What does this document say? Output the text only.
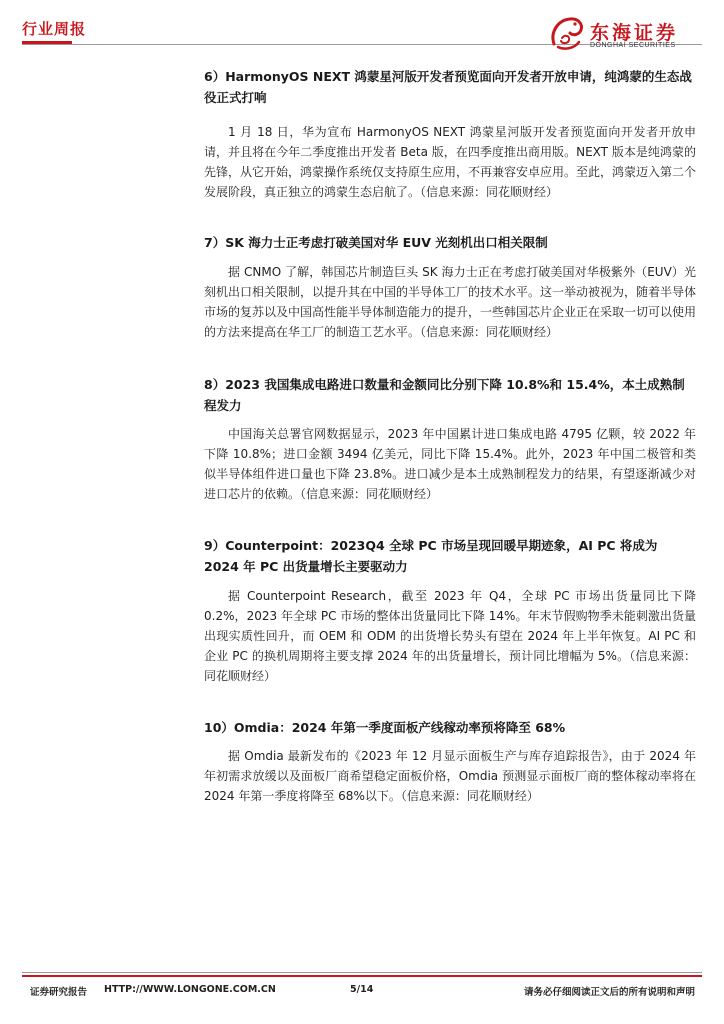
行业周报	东海证券
DONGHAI SECURITIES

6）HarmonyOS NEXT 鸿蒙星河版开发者预览面向开发者开放申请，纯鸿蒙的生态战役正式打响

1 月 18 日，华为宣布 HarmonyOS NEXT 鸿蒙星河版开发者预览面向开发者开放申请，并且将在今年二季度推出开发者 Beta 版，在四季度推出商用版。NEXT 版本是纯鸿蒙的先锋，从它开始，鸿蒙操作系统仅支持原生应用，不再兼容安卓应用。至此，鸿蒙迈入第二个发展阶段，真正独立的鸿蒙生态启航了。（信息来源：同花顺财经）

7）SK 海力士正考虑打破美国对华 EUV 光刻机出口相关限制

据 CNMO 了解，韩国芯片制造巨头 SK 海力士正在考虑打破美国对华极紫外（EUV）光刻机出口相关限制，以提升其在中国的半导体工厂的技术水平。这一举动被视为，随着半导体市场的复苏以及中国高性能半导体制造能力的提升，一些韩国芯片企业正在采取一切可以使用的方法来提高在华工厂的制造工艺水平。（信息来源：同花顺财经）

8）2023 我国集成电路进口数量和金额同比分别下降 10.8%和 15.4%，本土成熟制程发力

中国海关总署官网数据显示，2023 年中国累计进口集成电路 4795 亿颗，较 2022 年下降 10.8%；进口金额 3494 亿美元，同比下降 15.4%。此外，2023 年中国二极管和类似半导体组件进口量也下降 23.8%。进口减少是本土成熟制程发力的结果，有望逐渐减少对进口芯片的依赖。（信息来源：同花顺财经）

9）Counterpoint：2023Q4 全球 PC 市场呈现回暖早期迹象，AI PC 将成为 2024 年 PC 出货量增长主要驱动力

据 Counterpoint Research，截至 2023 年 Q4，全球 PC 市场出货量同比下降 0.2%，2023 年全球 PC 市场的整体出货量同比下降 14%。年末节假购物季未能刺激出货量出现实质性回升，而 OEM 和 ODM 的出货增长势头有望在 2024 年上半年恢复。AI PC 和企业 PC 的换机周期将主要支撑 2024 年的出货量增长，预计同比增幅为 5%。（信息来源：同花顺财经）

10）Omdia：2024 年第一季度面板产线稼动率预将降至 68%

据 Omdia 最新发布的《2023 年 12 月显示面板生产与库存追踪报告》，由于 2024 年年初需求放缓以及面板厂商希望稳定面板价格，Omdia 预测显示面板厂商的整体稼动率将在 2024 年第一季度将降至 68%以下。（信息来源：同花顺财经）

证券研究报告 HTTP://WWW.LONGONE.COM.CN	5/14	请务必仔细阅读正文后的所有说明和声明
